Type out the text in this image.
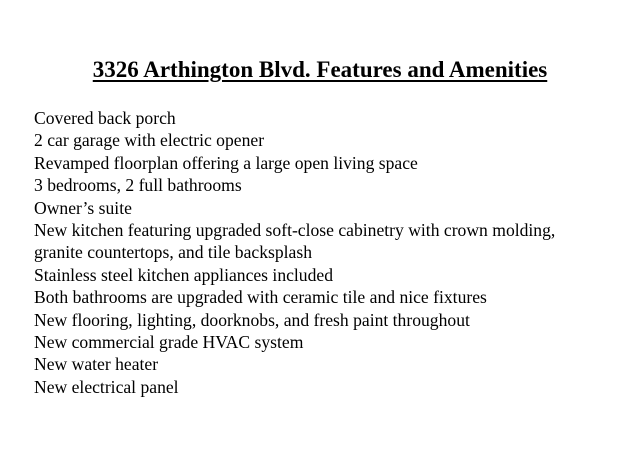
3326 Arthington Blvd. Features and Amenities
Covered back porch
2 car garage with electric opener
Revamped floorplan offering a large open living space
3 bedrooms, 2 full bathrooms
Owner’s suite
New kitchen featuring upgraded soft-close cabinetry with crown molding,
granite countertops, and tile backsplash
Stainless steel kitchen appliances included
Both bathrooms are upgraded with ceramic tile and nice fixtures
New flooring, lighting, doorknobs, and fresh paint throughout
New commercial grade HVAC system
New water heater
New electrical panel
